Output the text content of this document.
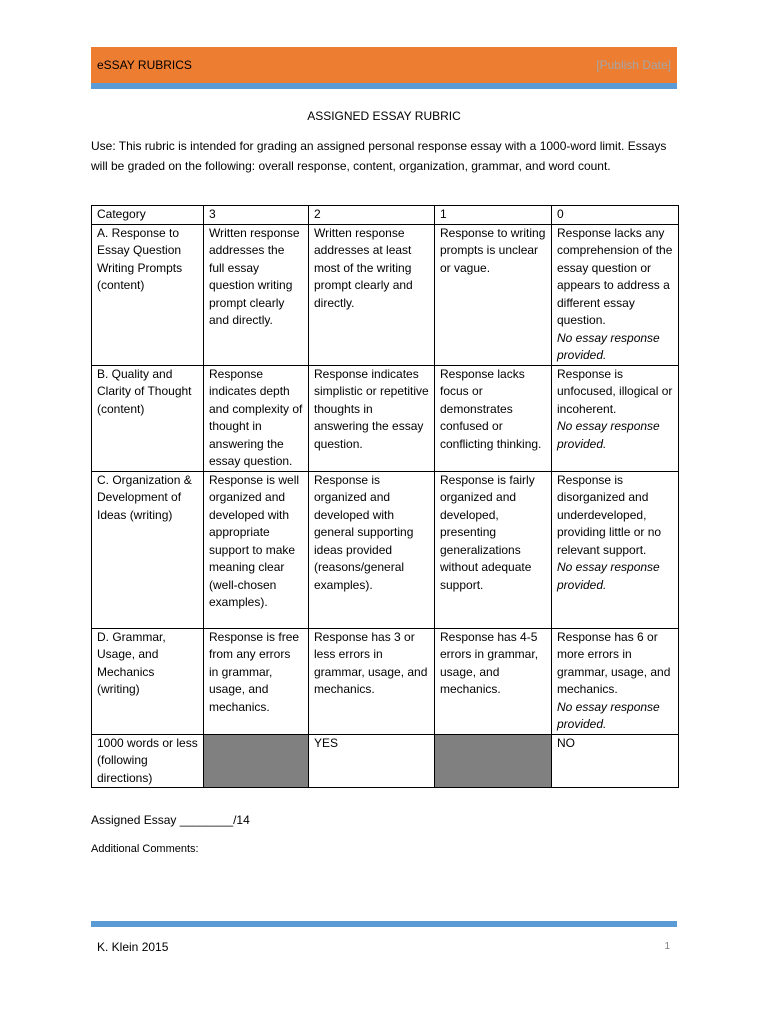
eSSAY RUBRICS	[Publish Date]
ASSIGNED ESSAY RUBRIC
Use: This rubric is intended for grading an assigned personal response essay with a 1000-word limit. Essays will be graded on the following: overall response, content, organization, grammar, and word count.
Category	3	2	1	0
A. Response to Essay Question Writing Prompts (content)	Written response addresses the full essay question writing prompt clearly and directly.	Written response addresses at least most of the writing prompt clearly and directly.	Response to writing prompts is unclear or vague.	Response lacks any comprehension of the essay question or appears to address a different essay question.
No essay response provided.

B. Quality and Clarity of Thought (content)	Response indicates depth and complexity of thought in answering the essay question.	Response indicates simplistic or repetitive thoughts in answering the essay question.	Response lacks focus or demonstrates confused or conflicting thinking.	Response is unfocused, illogical or incoherent.
No essay response provided.

C. Organization & Development of Ideas (writing)	Response is well organized and developed with appropriate support to make meaning clear (well-chosen examples).	Response is organized and developed with general supporting ideas provided (reasons/general examples).	Response is fairly organized and developed, presenting generalizations without adequate support.	Response is disorganized and underdeveloped, providing little or no relevant support.
No essay response provided.

D. Grammar, Usage, and Mechanics (writing)	Response is free from any errors in grammar, usage, and mechanics.	Response has 3 or less errors in grammar, usage, and mechanics.	Response has 4-5 errors in grammar, usage, and mechanics.	Response has 6 or more errors in grammar, usage, and mechanics.
No essay response provided.

1000 words or less (following directions)		YES		NO
Assigned Essay ________/14
Additional Comments:
K. Klein 2015	1
